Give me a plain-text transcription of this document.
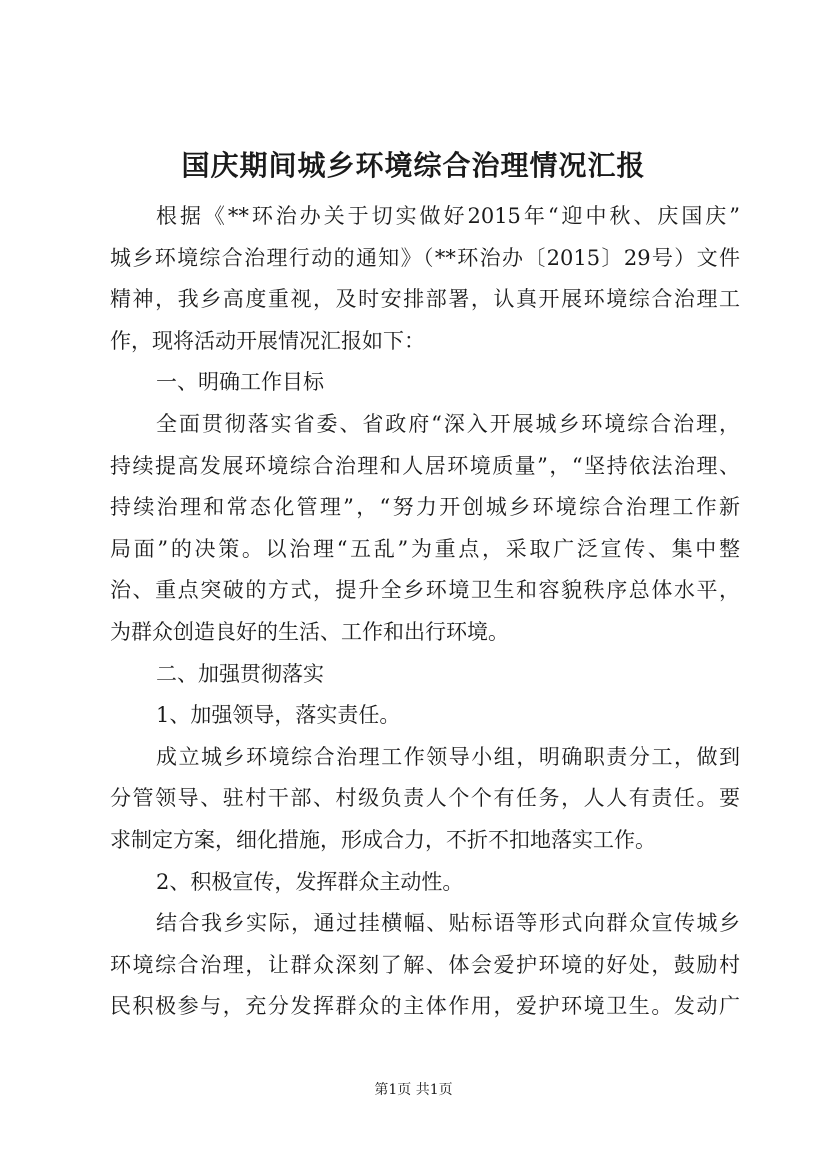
国庆期间城乡环境综合治理情况汇报
根据《**环治办关于切实做好2015年“迎中秋、庆国庆”
城乡环境综合治理行动的通知》（**环治办〔2015〕29号）文件
精神，我乡高度重视，及时安排部署，认真开展环境综合治理工
作，现将活动开展情况汇报如下：
一、明确工作目标
全面贯彻落实省委、省政府“深入开展城乡环境综合治理，
持续提高发展环境综合治理和人居环境质量”，“坚持依法治理、
持续治理和常态化管理”，“努力开创城乡环境综合治理工作新
局面”的决策。以治理“五乱”为重点，采取广泛宣传、集中整
治、重点突破的方式，提升全乡环境卫生和容貌秩序总体水平，
为群众创造良好的生活、工作和出行环境。
二、加强贯彻落实
1、加强领导，落实责任。
成立城乡环境综合治理工作领导小组，明确职责分工，做到
分管领导、驻村干部、村级负责人个个有任务，人人有责任。要
求制定方案，细化措施，形成合力，不折不扣地落实工作。
2、积极宣传，发挥群众主动性。
结合我乡实际，通过挂横幅、贴标语等形式向群众宣传城乡
环境综合治理，让群众深刻了解、体会爱护环境的好处，鼓励村
民积极参与，充分发挥群众的主体作用，爱护环境卫生。发动广
第1页 共1页
